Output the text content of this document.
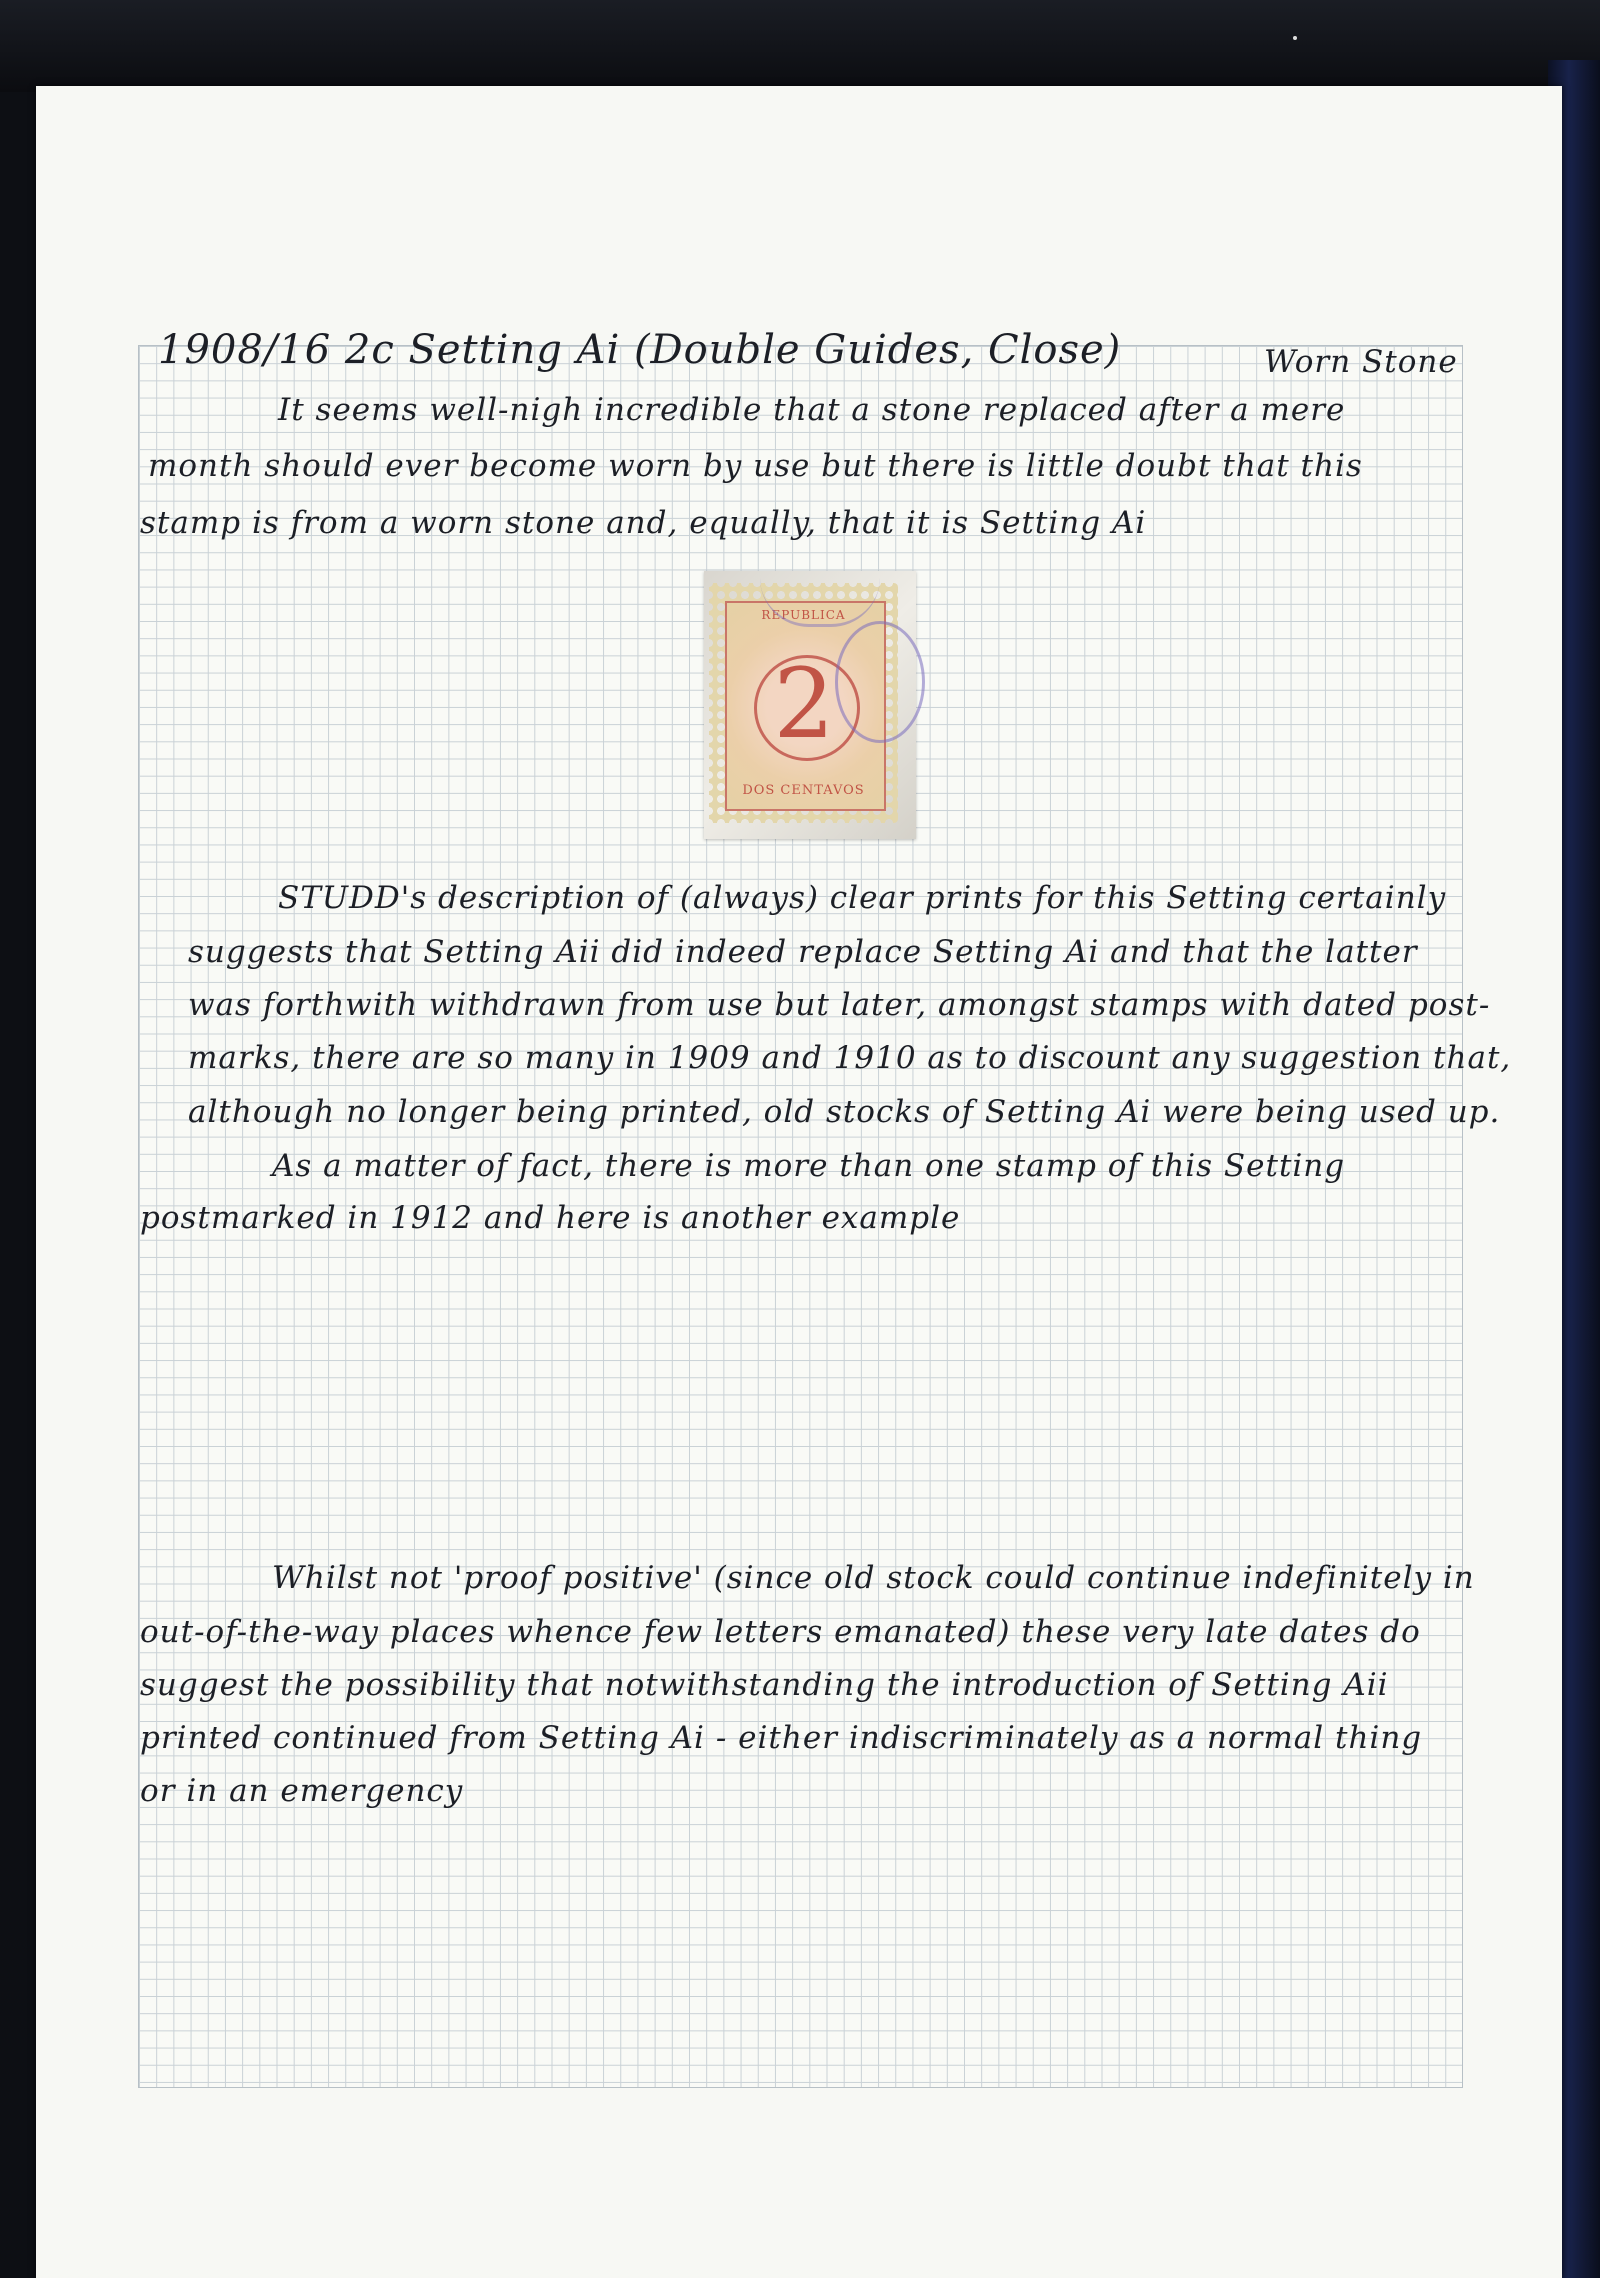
1908/16 2c Setting Ai (Double Guides, Close)	Worn Stone

It seems well-nigh incredible that a stone replaced after a mere

month should ever become worn by use but there is little doubt that this

stamp is from a worn stone and, equally, that it is Setting Ai

2
REPUBLICA
DOS CENTAVOS

STUDD's description of (always) clear prints for this Setting certainly

suggests that Setting Aii did indeed replace Setting Ai and that the latter

was forthwith withdrawn from use but later, amongst stamps with dated post-

marks, there are so many in 1909 and 1910 as to discount any suggestion that,

although no longer being printed, old stocks of Setting Ai were being used up.

As a matter of fact, there is more than one stamp of this Setting

postmarked in 1912 and here is another example

Whilst not 'proof positive' (since old stock could continue indefinitely in

out-of-the-way places whence few letters emanated) these very late dates do

suggest the possibility that notwithstanding the introduction of Setting Aii

printed continued from Setting Ai - either indiscriminately as a normal thing

or in an emergency
